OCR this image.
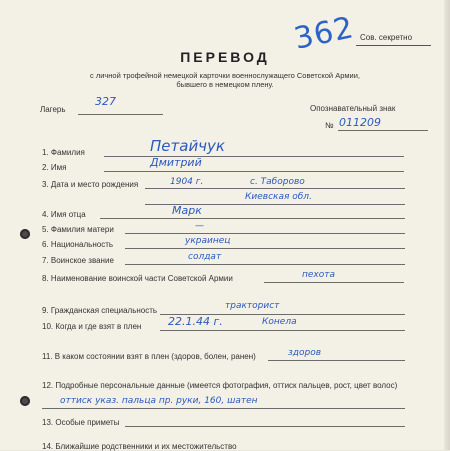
362 Сов. секретно
ПЕРЕВОД
с личной трофейной немецкой карточки военнослужащего Советской Армии,
бывшего в немецком плену.
Лагерь
327
Опознавательный знак
№ 011209
1. Фамилия	Петайчук
2. Имя	Дмитрий
3. Дата и место рождения	1904 г.	с. Таборово
Киевская обл.
4. Имя отца	Марк
5. Фамилия матери	—
6. Национальность	украинец
7. Воинское звание	солдат
8. Наименование воинской части Советской Армии	пехота
9. Гражданская специальность	тракторист
10. Когда и где взят в плен 22.1.44 г.	Конела
11. В каком состоянии взят в плен (здоров, болен, ранен)	здоров
12. Подробные персональные данные (имеется фотография, оттиск пальцев, рост, цвет волос)
оттиск указ. пальца пр. руки, 160, шатен
13. Особые приметы
14. Ближайшие родственники и их местожительство
